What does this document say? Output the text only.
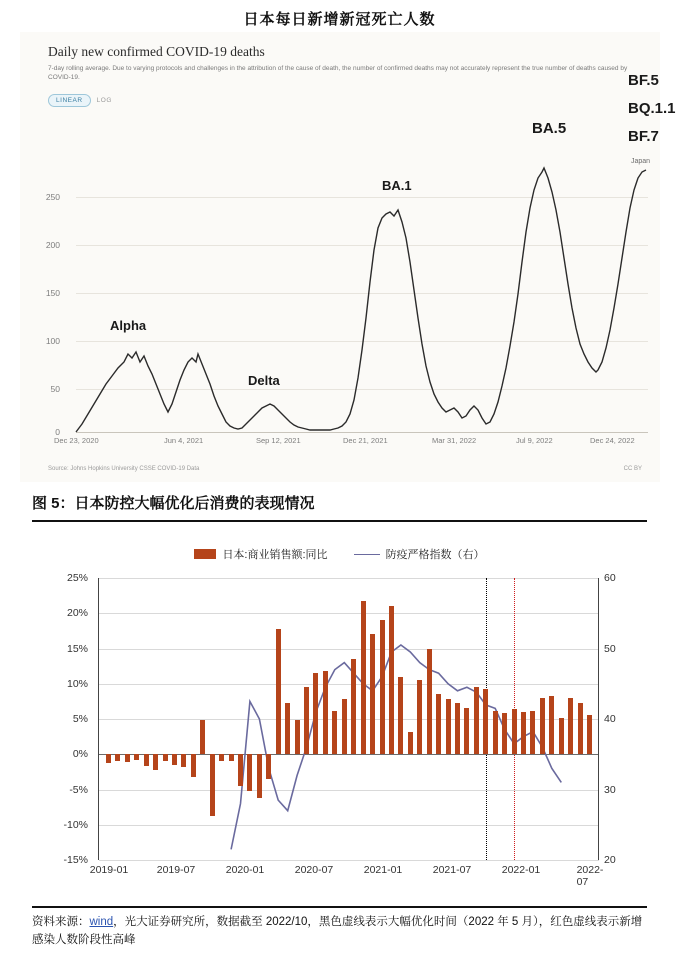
日本每日新增新冠死亡人数
Daily new confirmed COVID-19 deaths
7-day rolling average. Due to varying protocols and challenges in the attribution of the cause of death, the number of confirmed deaths may not accurately represent the true number of deaths caused by COVID-19.
LINEAR	LOG
250
200
150
100
50
0
Dec 23, 2020	Jun 4, 2021	Sep 12, 2021	Dec 21, 2021	Mar 31, 2022	Jul 9, 2022	Dec 24, 2022
Alpha
Delta
BA.1
BA.5
BF.5
BQ.1.1
BF.7
Japan
Source: Johns Hopkins University CSSE COVID-19 Data	CC BY
图 5：日本防控大幅优化后消费的表现情况
日本:商业销售额:同比	防疫严格指数（右）
25%
20%
15%
10%
5%
0%
-5%
-10%
-15%
60
50
40
30
20
2019-01	2019-07	2020-01	2020-07	2021-01	2021-07	2022-01	2022-07
资料来源：wind，光大证券研究所，数据截至 2022/10，黑色虚线表示大幅优化时间（2022 年 5 月），红色虚线表示新增感染人数阶段性高峰
